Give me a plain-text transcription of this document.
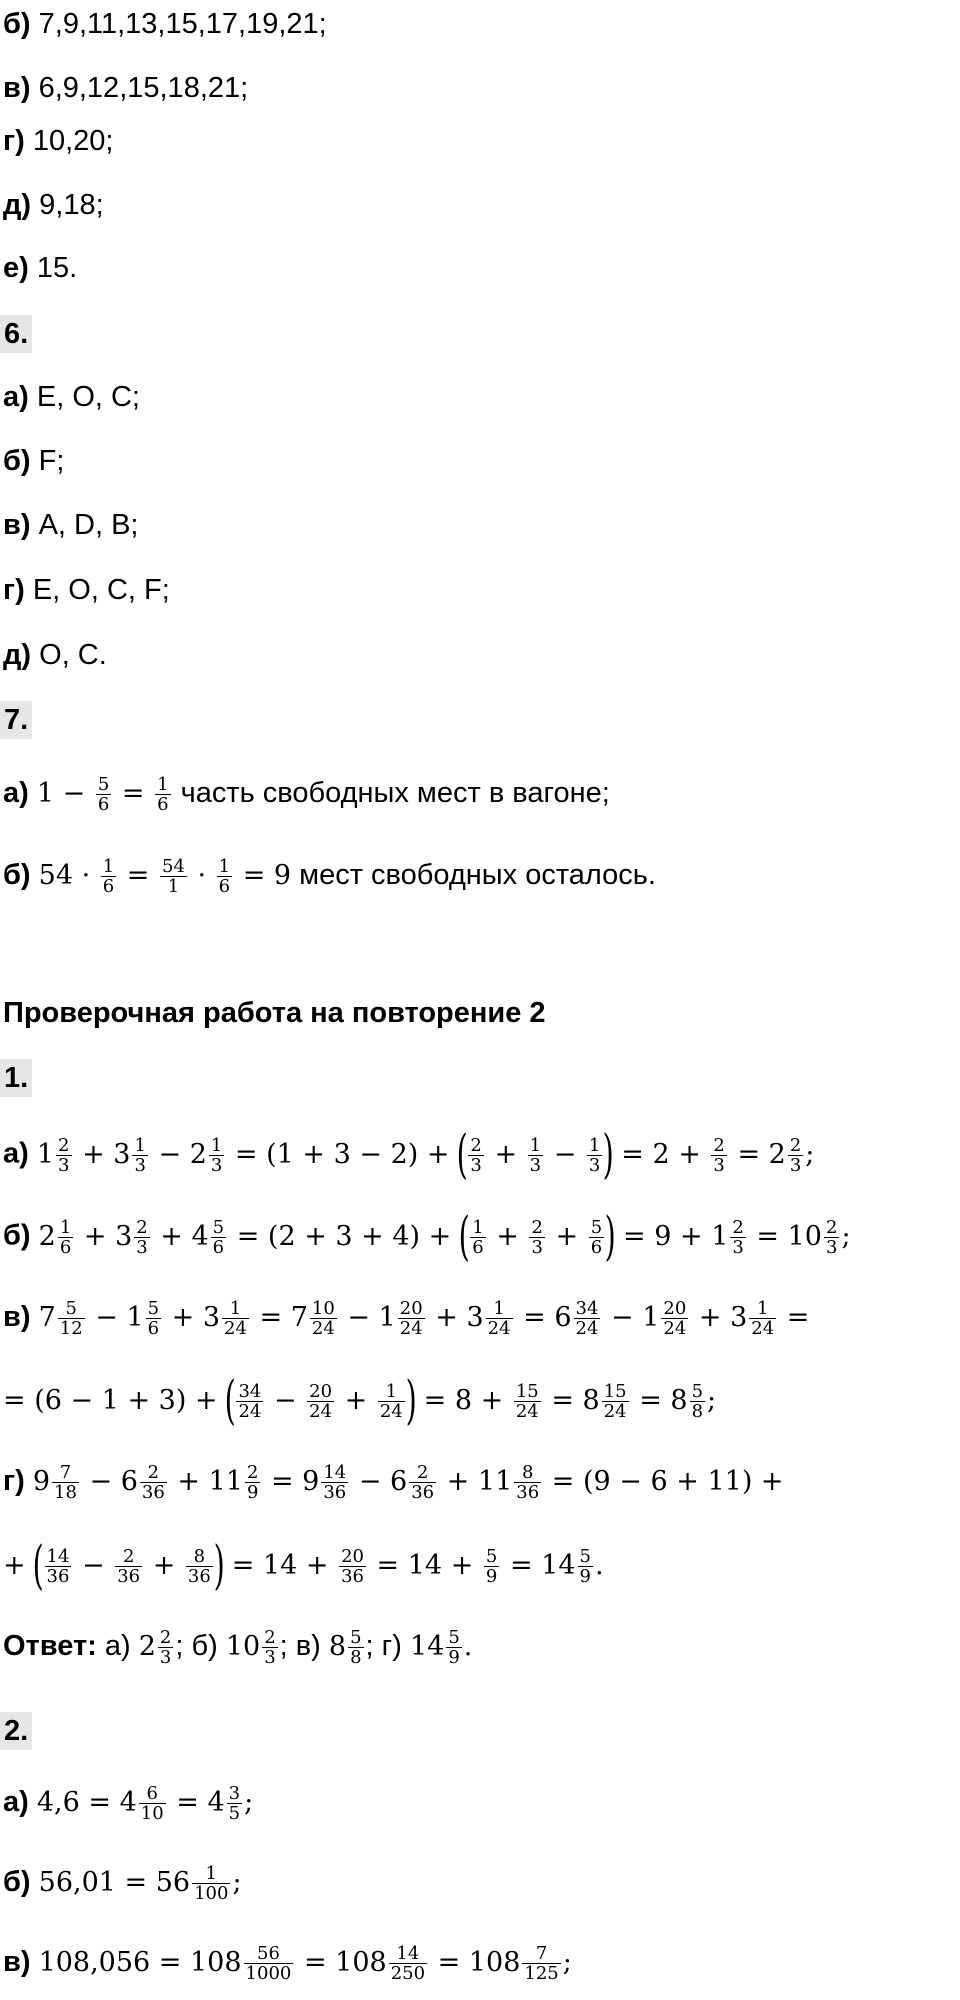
б) 7,9,11,13,15,17,19,21;
в) 6,9,12,15,18,21;
г) 10,20;
д) 9,18;
е) 15.
6.
а) E, O, C;
б) F;
в) A, D, B;
г) E, O, C, F;
д) O, C.
7.
а) $1 - \frac{5}{6} = \frac{1}{6}$ часть свободных мест в вагоне;
б) $54 \cdot \frac{1}{6} = \frac{54}{1} \cdot \frac{1}{6} = 9$ мест свободных осталось.
Проверочная работа на повторение 2
1.
а) $1 \frac{2}{3} + 3 \frac{1}{3} - 2 \frac{1}{3} = (1 + 3 - 2)$ + ( $\frac{2}{3} + \frac{1}{3} - \frac{1}{3}$ ) = $2 + \frac{2}{3} = 2 \frac{2}{3}$ ;
б) $2 \frac{1}{6} + 3 \frac{2}{3} + 4 \frac{5}{6} = (2 + 3 + 4)$ + ( $\frac{1}{6} + \frac{2}{3} + \frac{5}{6}$ ) = $9 + 1 \frac{2}{3} = 10 \frac{2}{3}$ ;
в) $7 \frac{5}{12} - 1 \frac{5}{6} + 3 \frac{1}{24} = 7 \frac{10}{24} - 1 \frac{20}{24} + 3 \frac{1}{24} = 6 \frac{34}{24} - 1 \frac{20}{24} + 3 \frac{1}{24}$ =
= (6 − 1 + 3) + ( $\frac{34}{24} - \frac{20}{24} + \frac{1}{24}$ ) = $8 + \frac{15}{24} = 8 \frac{15}{24} = 8 \frac{5}{8}$ ;
г) $9 \frac{7}{18} - 6 \frac{2}{36} + 11 \frac{2}{9} = 9 \frac{14}{36} - 6 \frac{2}{36} + 11 \frac{8}{36} = (9 - 6 + 11)$ +
+ ( $\frac{14}{36} - \frac{2}{36} + \frac{8}{36}$ ) = $14 + \frac{20}{36} = 14 + \frac{5}{9} = 14 \frac{5}{9}$ .
Ответ: а) $2 \frac{2}{3}$ ; б) $10 \frac{2}{3}$ ; в) $8 \frac{5}{8}$ ; г) $14 \frac{5}{9}$ .
2.
а) $4,6 = 4 \frac{6}{10} = 4 \frac{3}{5}$ ;
б) $56,01 = 56 \frac{1}{100}$ ;
в) $108,056 = 108 \frac{56}{1000} = 108 \frac{14}{250} = 108 \frac{7}{125}$ ;
